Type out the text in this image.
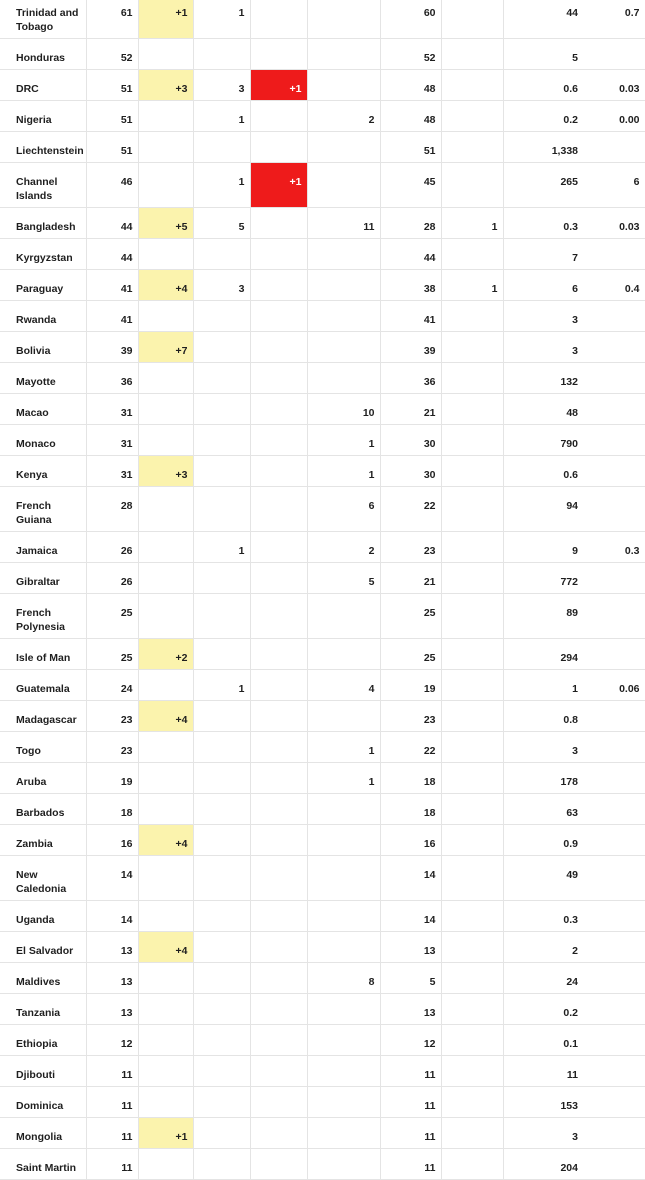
Trinidad and Tobago	61	+1	1			60		44	0.7
Honduras	52					52		5	
DRC	51	+3	3	+1		48		0.6	0.03
Nigeria	51		1		2	48		0.2	0.00
Liechtenstein	51					51		1,338	
Channel Islands	46		1	+1		45		265	6
Bangladesh	44	+5	5		11	28	1	0.3	0.03
Kyrgyzstan	44					44		7	
Paraguay	41	+4	3			38	1	6	0.4
Rwanda	41					41		3	
Bolivia	39	+7				39		3	
Mayotte	36					36		132	
Macao	31				10	21		48	
Monaco	31				1	30		790	
Kenya	31	+3			1	30		0.6	
French Guiana	28				6	22		94	
Jamaica	26		1		2	23		9	0.3
Gibraltar	26				5	21		772	
French Polynesia	25					25		89	
Isle of Man	25	+2				25		294	
Guatemala	24		1		4	19		1	0.06
Madagascar	23	+4				23		0.8	
Togo	23				1	22		3	
Aruba	19				1	18		178	
Barbados	18					18		63	
Zambia	16	+4				16		0.9	
New Caledonia	14					14		49	
Uganda	14					14		0.3	
El Salvador	13	+4				13		2	
Maldives	13				8	5		24	
Tanzania	13					13		0.2	
Ethiopia	12					12		0.1	
Djibouti	11					11		11	
Dominica	11					11		153	
Mongolia	11	+1				11		3	
Saint Martin	11					11		204	
